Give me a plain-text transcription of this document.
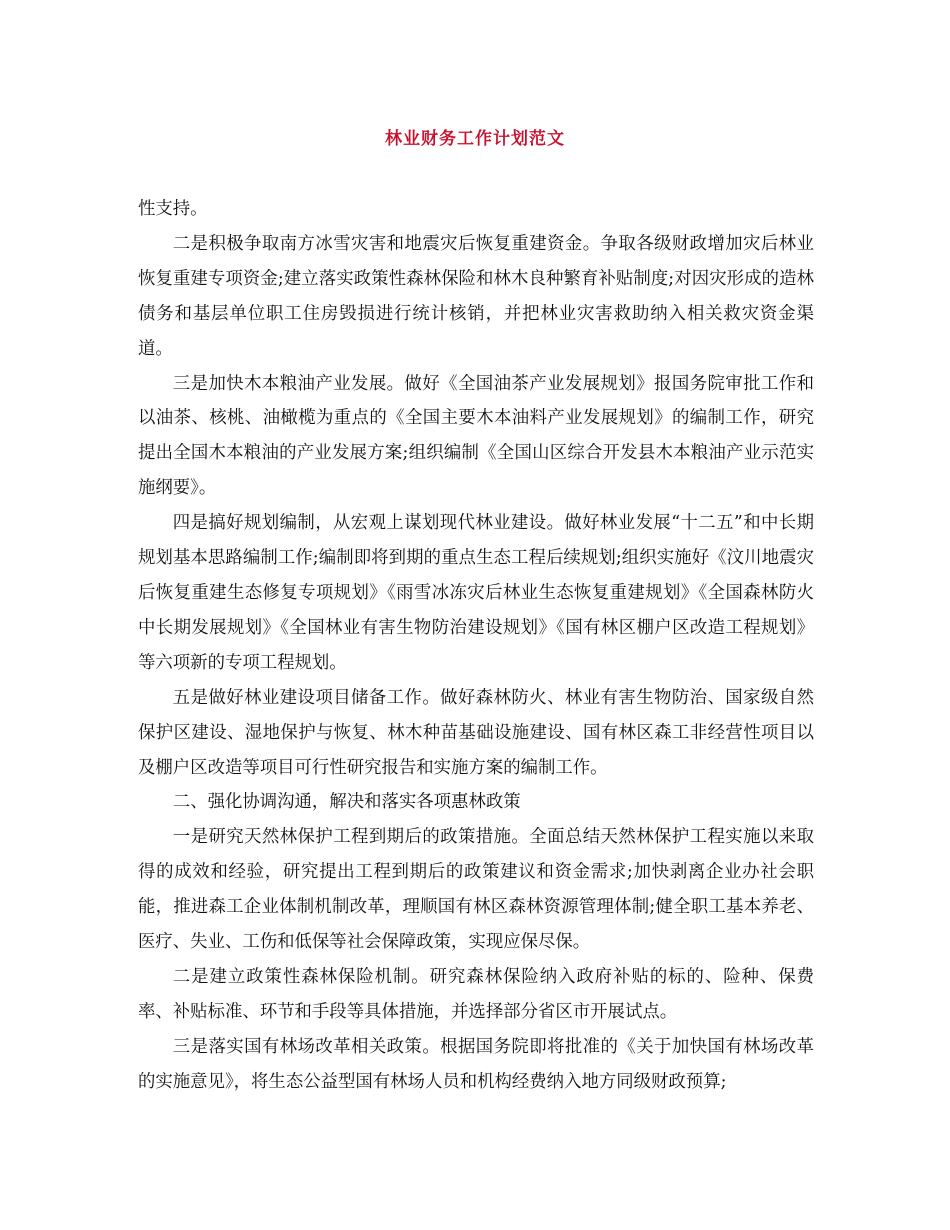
林业财务工作计划范文

性支持。

二是积极争取南方冰雪灾害和地震灾后恢复重建资金。争取各级财政增加灾后林业恢复重建专项资金;建立落实政策性森林保险和林木良种繁育补贴制度;对因灾形成的造林债务和基层单位职工住房毁损进行统计核销，并把林业灾害救助纳入相关救灾资金渠道。

三是加快木本粮油产业发展。做好《全国油茶产业发展规划》报国务院审批工作和以油茶、核桃、油橄榄为重点的《全国主要木本油料产业发展规划》的编制工作，研究提出全国木本粮油的产业发展方案;组织编制《全国山区综合开发县木本粮油产业示范实施纲要》。

四是搞好规划编制，从宏观上谋划现代林业建设。做好林业发展“十二五”和中长期规划基本思路编制工作;编制即将到期的重点生态工程后续规划;组织实施好《汶川地震灾后恢复重建生态修复专项规划》《雨雪冰冻灾后林业生态恢复重建规划》《全国森林防火中长期发展规划》《全国林业有害生物防治建设规划》《国有林区棚户区改造工程规划》等六项新的专项工程规划。

五是做好林业建设项目储备工作。做好森林防火、林业有害生物防治、国家级自然保护区建设、湿地保护与恢复、林木种苗基础设施建设、国有林区森工非经营性项目以及棚户区改造等项目可行性研究报告和实施方案的编制工作。

二、强化协调沟通，解决和落实各项惠林政策

一是研究天然林保护工程到期后的政策措施。全面总结天然林保护工程实施以来取得的成效和经验，研究提出工程到期后的政策建议和资金需求;加快剥离企业办社会职能，推进森工企业体制机制改革，理顺国有林区森林资源管理体制;健全职工基本养老、医疗、失业、工伤和低保等社会保障政策，实现应保尽保。

二是建立政策性森林保险机制。研究森林保险纳入政府补贴的标的、险种、保费率、补贴标准、环节和手段等具体措施，并选择部分省区市开展试点。

三是落实国有林场改革相关政策。根据国务院即将批准的《关于加快国有林场改革的实施意见》，将生态公益型国有林场人员和机构经费纳入地方同级财政预算;
